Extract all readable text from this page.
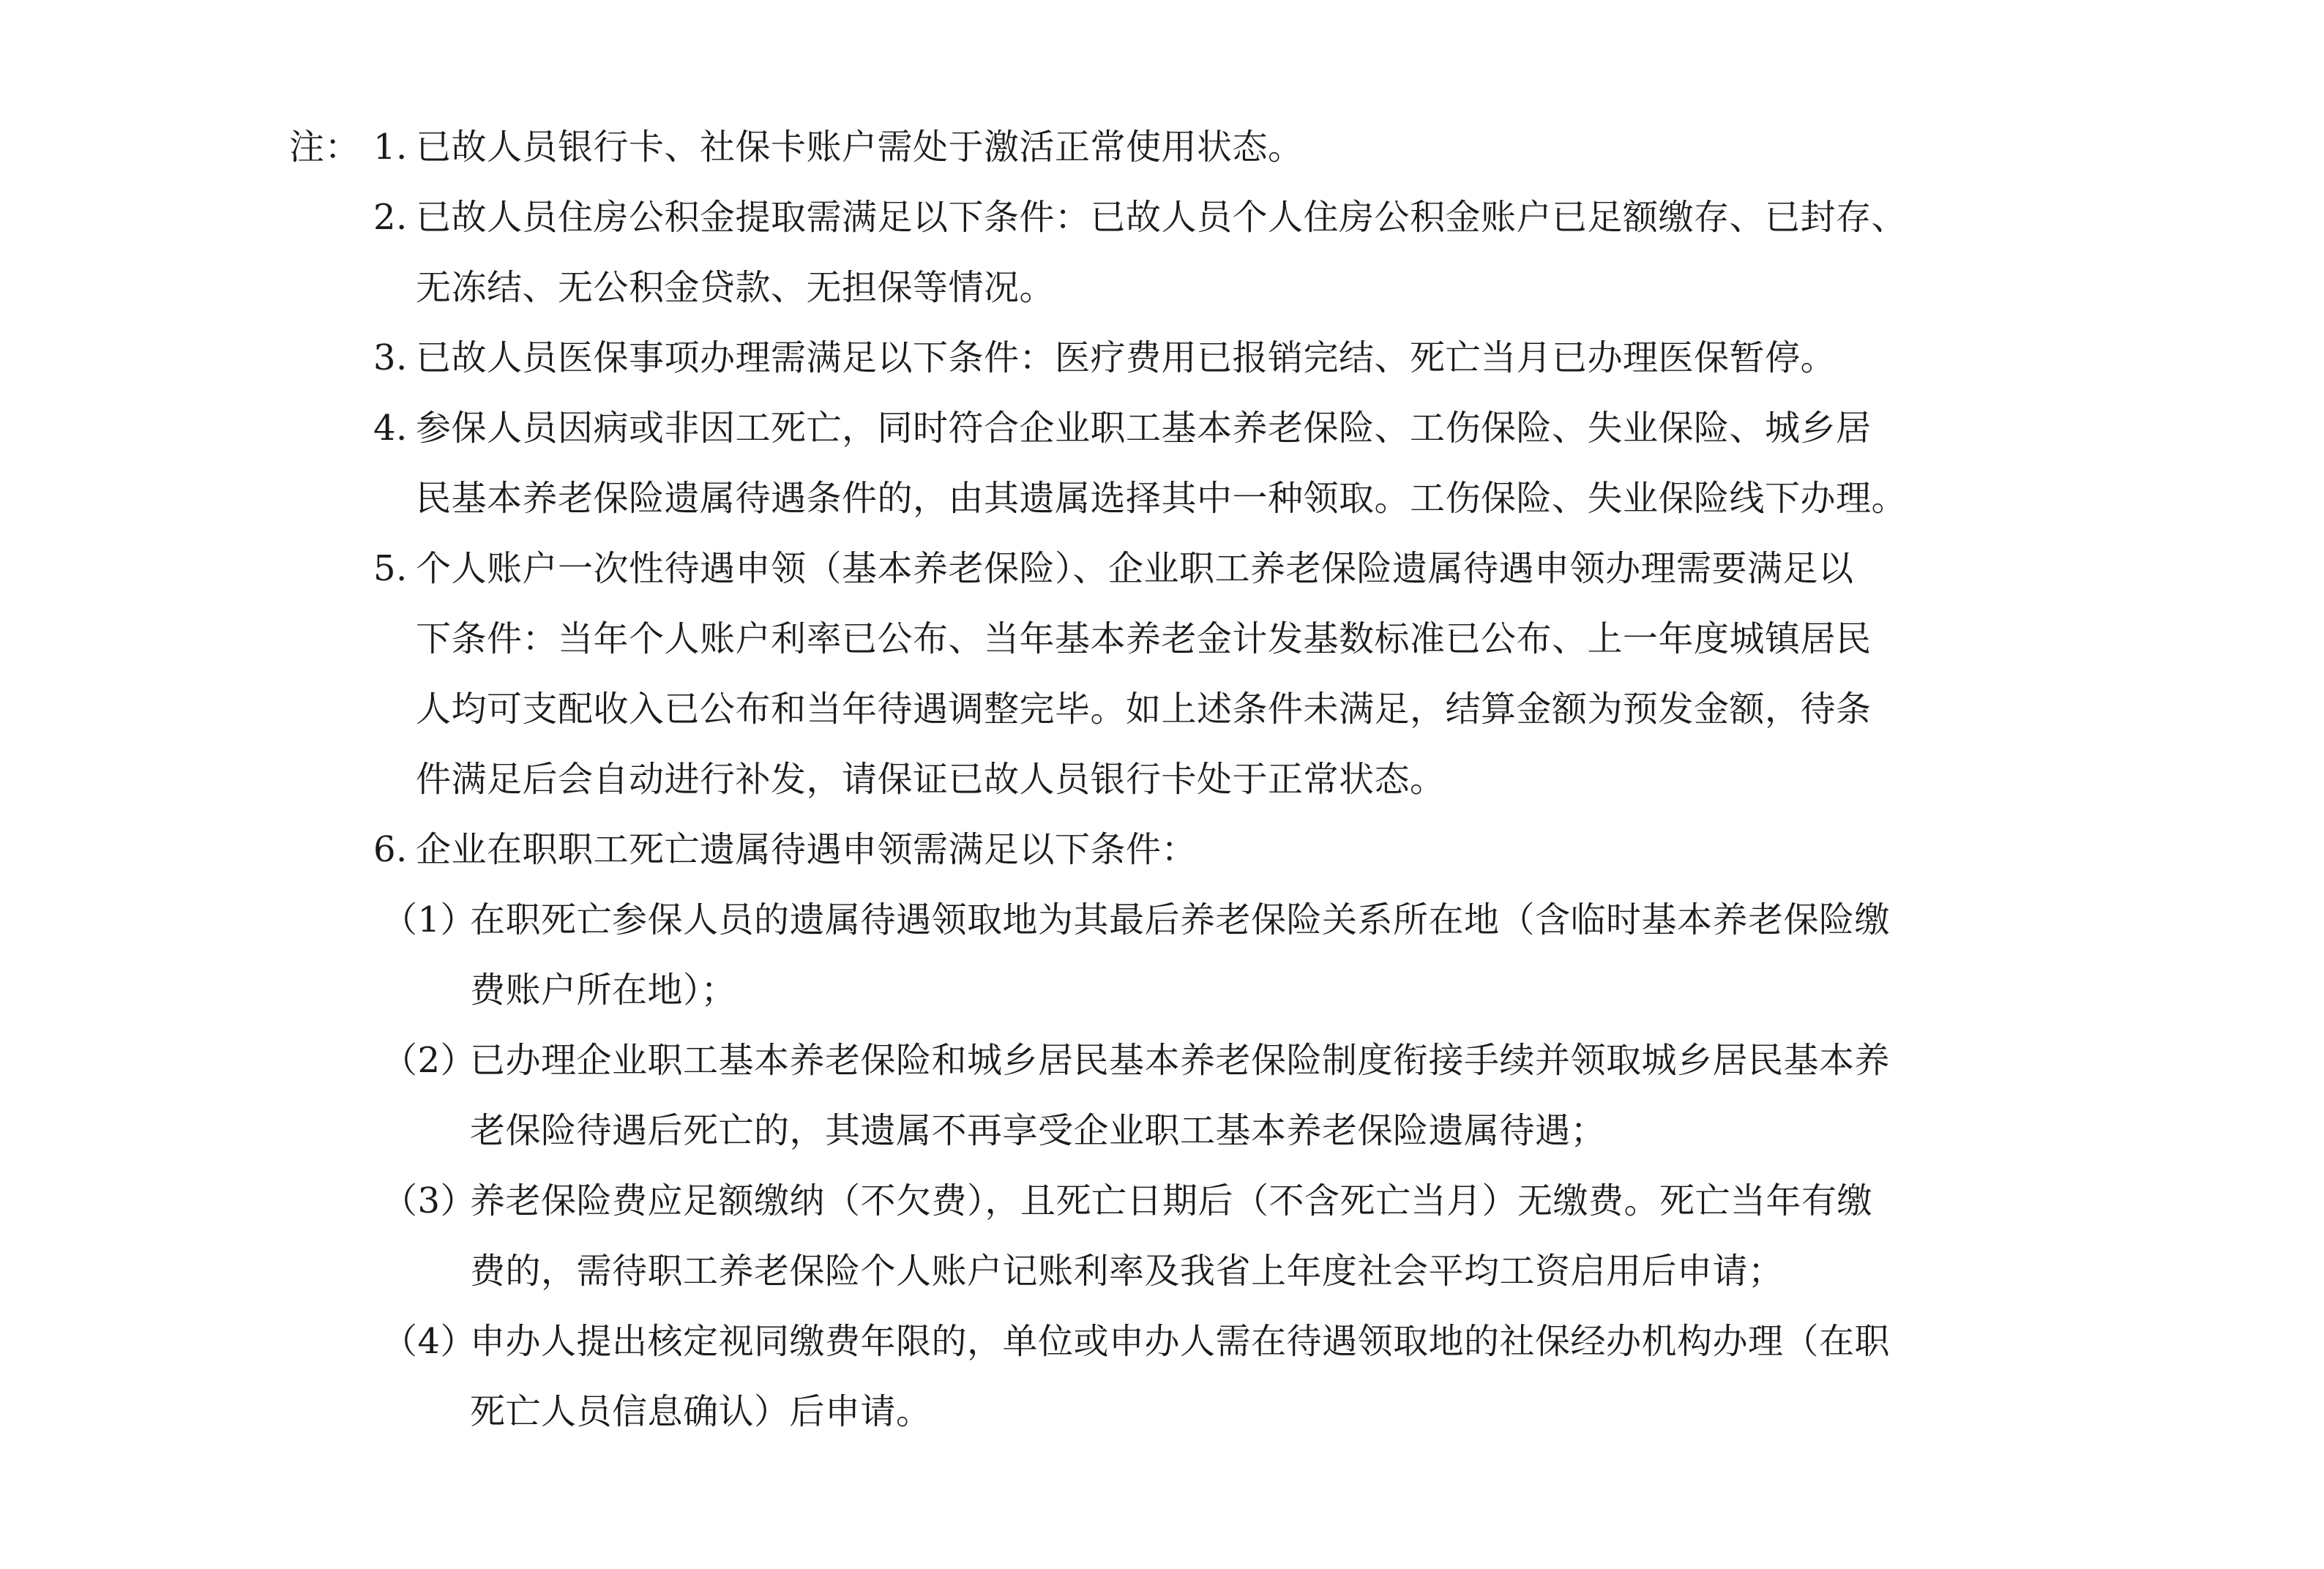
注： 1. 已故人员银行卡、社保卡账户需处于激活正常使用状态。
2. 已故人员住房公积金提取需满足以下条件：已故人员个人住房公积金账户已足额缴存、已封存、
无冻结、无公积金贷款、无担保等情况。
3. 已故人员医保事项办理需满足以下条件：医疗费用已报销完结、死亡当月已办理医保暂停。
4. 参保人员因病或非因工死亡，同时符合企业职工基本养老保险、工伤保险、失业保险、城乡居
民基本养老保险遗属待遇条件的，由其遗属选择其中一种领取。工伤保险、失业保险线下办理。
5. 个人账户一次性待遇申领（基本养老保险）、企业职工养老保险遗属待遇申领办理需要满足以
下条件：当年个人账户利率已公布、当年基本养老金计发基数标准已公布、上一年度城镇居民
人均可支配收入已公布和当年待遇调整完毕。如上述条件未满足，结算金额为预发金额，待条
件满足后会自动进行补发，请保证已故人员银行卡处于正常状态。
6. 企业在职职工死亡遗属待遇申领需满足以下条件：
（1）
在职死亡参保人员的遗属待遇领取地为其最后养老保险关系所在地（含临时基本养老保险缴
费账户所在地）；
（2）
已办理企业职工基本养老保险和城乡居民基本养老保险制度衔接手续并领取城乡居民基本养
老保险待遇后死亡的，其遗属不再享受企业职工基本养老保险遗属待遇；
（3）
养老保险费应足额缴纳（不欠费），且死亡日期后（不含死亡当月）无缴费。死亡当年有缴
费的，需待职工养老保险个人账户记账利率及我省上年度社会平均工资启用后申请；
（4）
申办人提出核定视同缴费年限的，单位或申办人需在待遇领取地的社保经办机构办理（在职
死亡人员信息确认）后申请。
